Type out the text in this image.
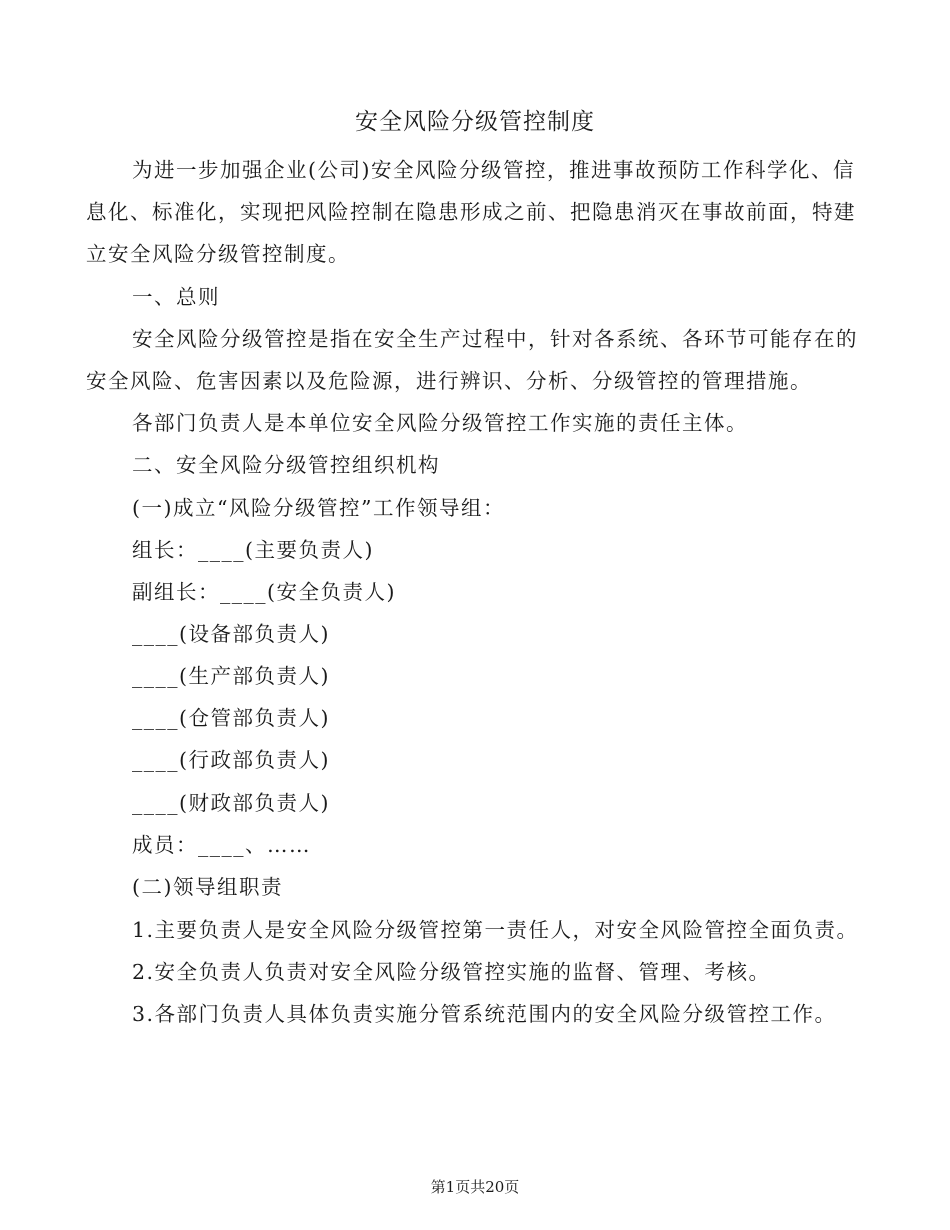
安全风险分级管控制度
为进一步加强企业(公司)安全风险分级管控，推进事故预防工作科学化、信
息化、标准化，实现把风险控制在隐患形成之前、把隐患消灭在事故前面，特建
立安全风险分级管控制度。
一、总则
安全风险分级管控是指在安全生产过程中，针对各系统、各环节可能存在的
安全风险、危害因素以及危险源，进行辨识、分析、分级管控的管理措施。
各部门负责人是本单位安全风险分级管控工作实施的责任主体。
二、安全风险分级管控组织机构
(一)成立“风险分级管控”工作领导组：
组长：____(主要负责人)
副组长：____(安全负责人)
____(设备部负责人)
____(生产部负责人)
____(仓管部负责人)
____(行政部负责人)
____(财政部负责人)
成员：____、……
(二)领导组职责
1.主要负责人是安全风险分级管控第一责任人，对安全风险管控全面负责。
2.安全负责人负责对安全风险分级管控实施的监督、管理、考核。
3.各部门负责人具体负责实施分管系统范围内的安全风险分级管控工作。
第1页共20页
